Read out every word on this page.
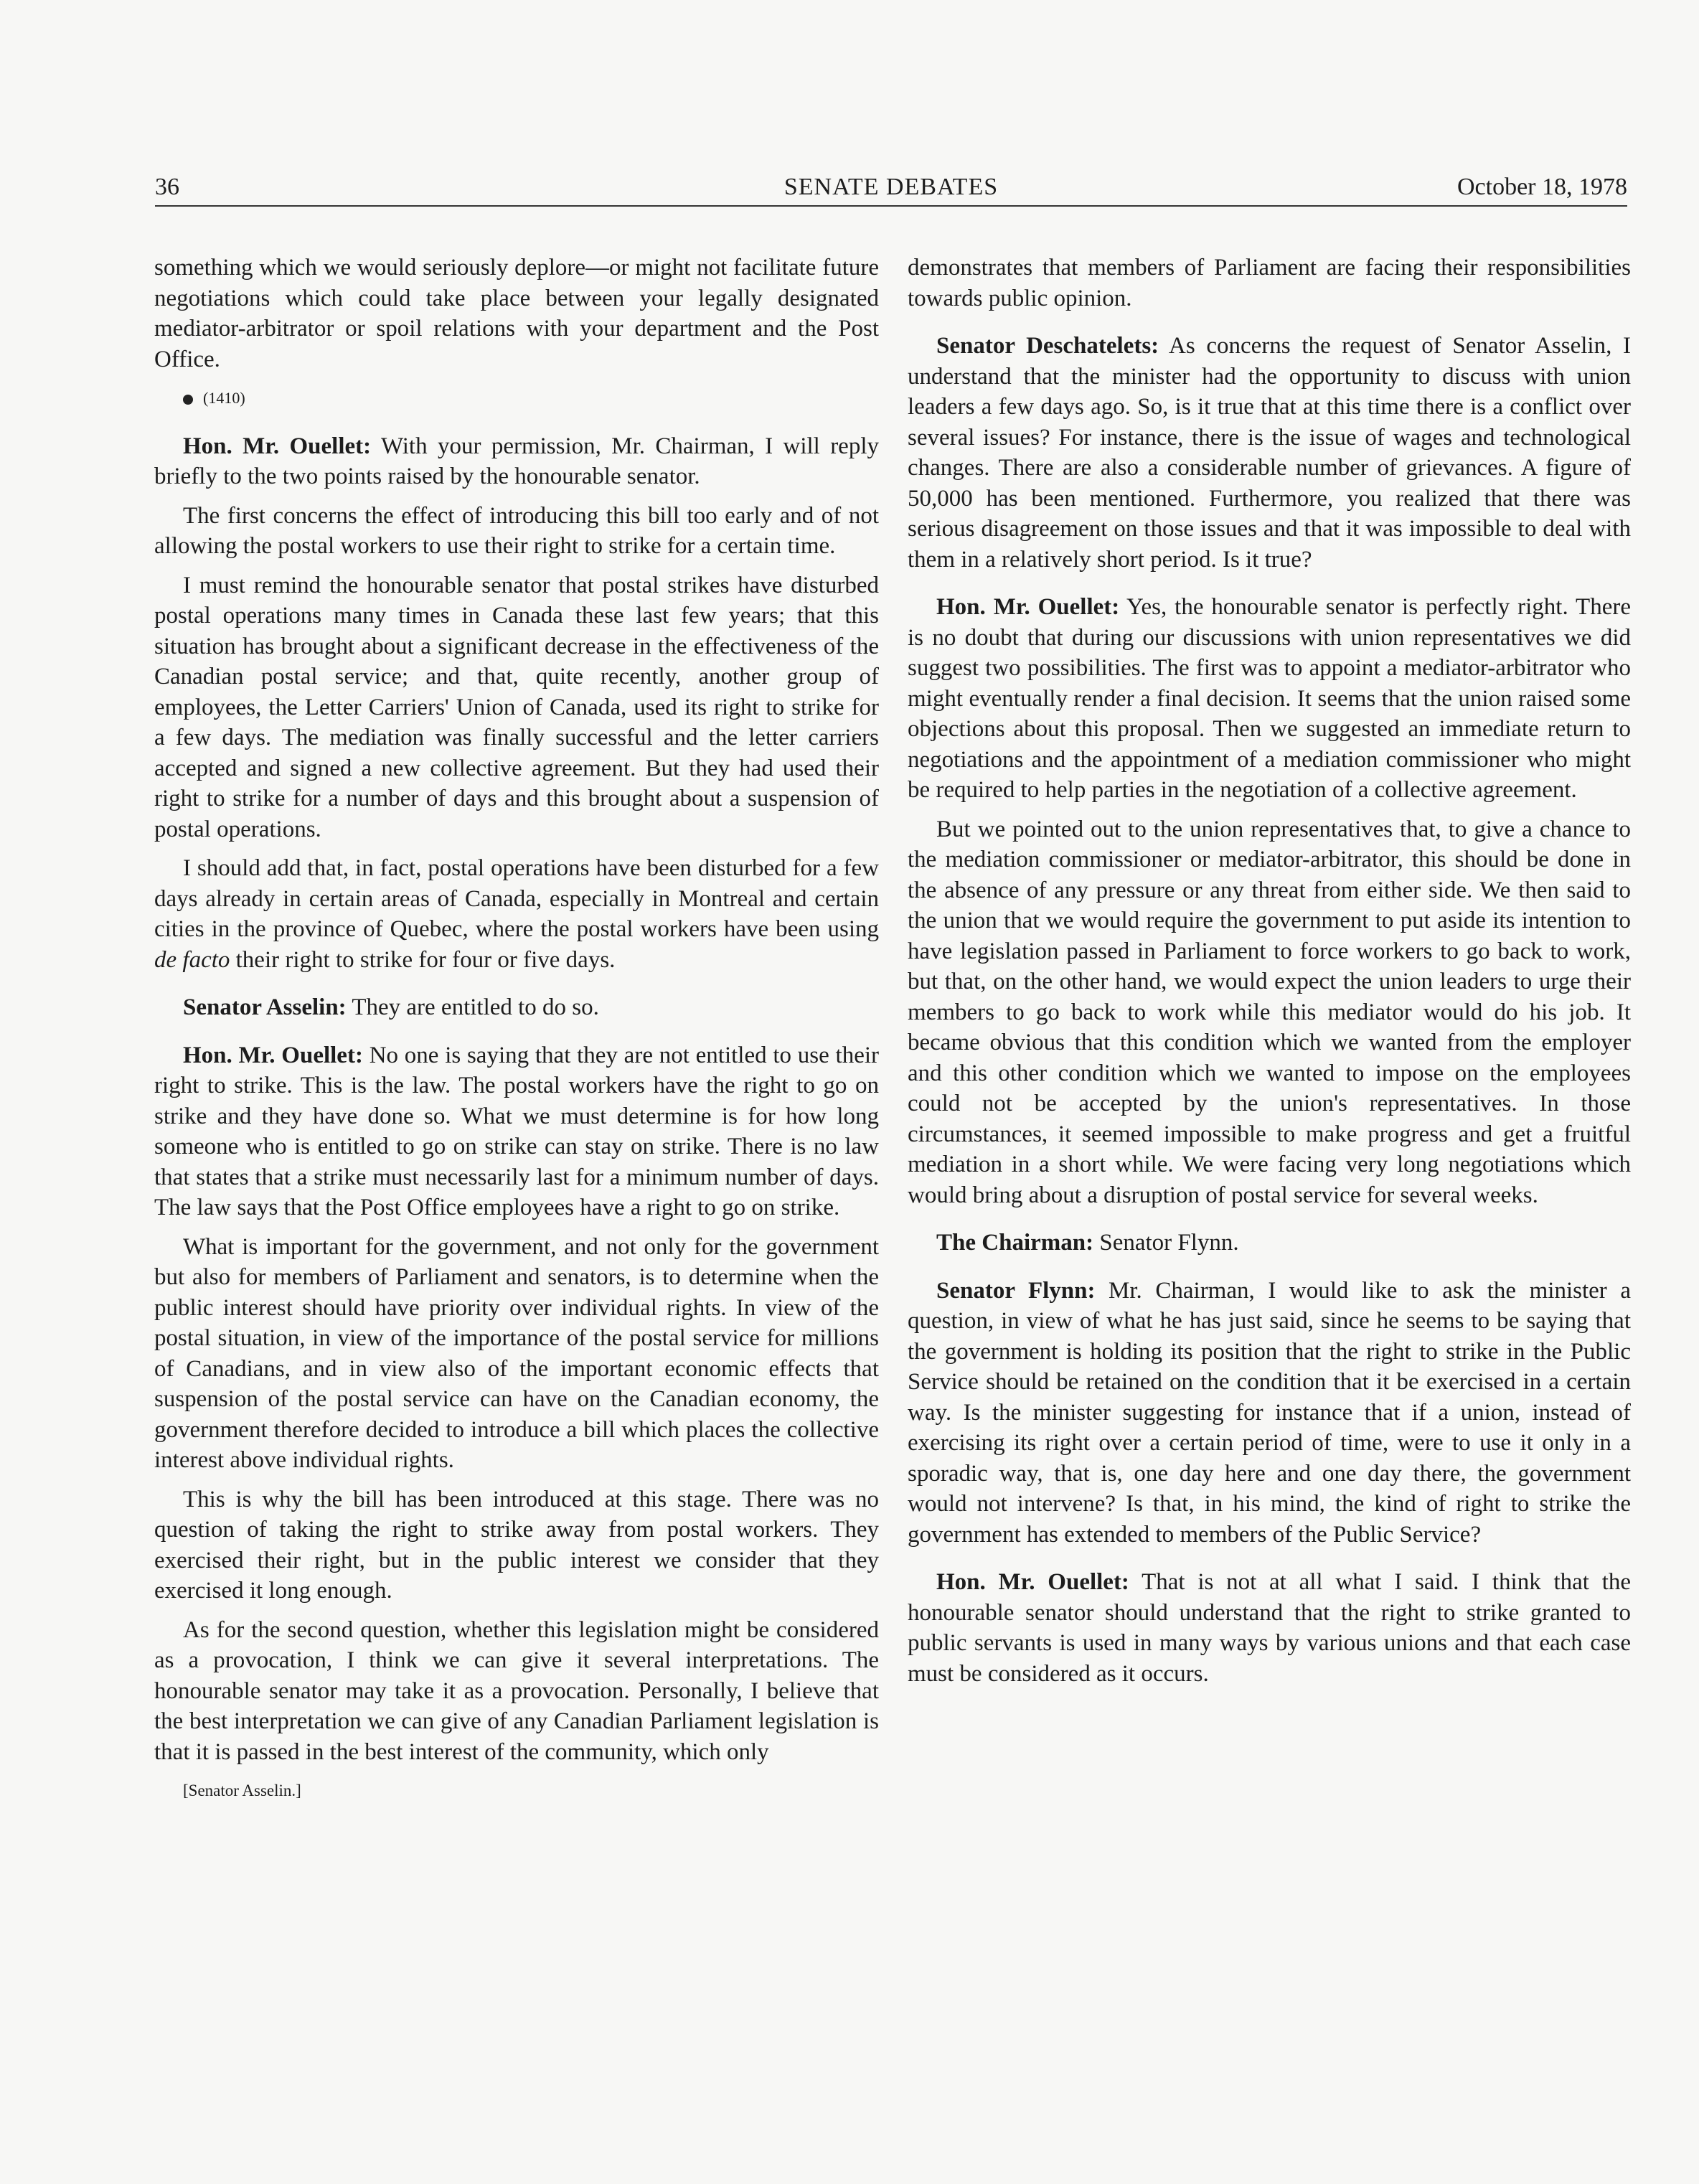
36	SENATE DEBATES	October 18, 1978

something which we would seriously deplore—or might not facilitate future negotiations which could take place between your legally designated mediator-arbitrator or spoil relations with your department and the Post Office.

(1410)

Hon. Mr. Ouellet: With your permission, Mr. Chairman, I will reply briefly to the two points raised by the honourable senator.

The first concerns the effect of introducing this bill too early and of not allowing the postal workers to use their right to strike for a certain time.

I must remind the honourable senator that postal strikes have disturbed postal operations many times in Canada these last few years; that this situation has brought about a significant decrease in the effectiveness of the Canadian postal service; and that, quite recently, another group of employees, the Letter Carriers' Union of Canada, used its right to strike for a few days. The mediation was finally successful and the letter carriers accepted and signed a new collective agreement. But they had used their right to strike for a number of days and this brought about a suspension of postal operations.

I should add that, in fact, postal operations have been disturbed for a few days already in certain areas of Canada, especially in Montreal and certain cities in the province of Quebec, where the postal workers have been using de facto their right to strike for four or five days.

Senator Asselin: They are entitled to do so.

Hon. Mr. Ouellet: No one is saying that they are not entitled to use their right to strike. This is the law. The postal workers have the right to go on strike and they have done so. What we must determine is for how long someone who is entitled to go on strike can stay on strike. There is no law that states that a strike must necessarily last for a minimum number of days. The law says that the Post Office employees have a right to go on strike.

What is important for the government, and not only for the government but also for members of Parliament and senators, is to determine when the public interest should have priority over individual rights. In view of the postal situation, in view of the importance of the postal service for millions of Canadians, and in view also of the important economic effects that suspension of the postal service can have on the Canadian economy, the government therefore decided to introduce a bill which places the collective interest above individual rights.

This is why the bill has been introduced at this stage. There was no question of taking the right to strike away from postal workers. They exercised their right, but in the public interest we consider that they exercised it long enough.

As for the second question, whether this legislation might be considered as a provocation, I think we can give it several interpretations. The honourable senator may take it as a provocation. Personally, I believe that the best interpretation we can give of any Canadian Parliament legislation is that it is passed in the best interest of the community, which only

[Senator Asselin.]

demonstrates that members of Parliament are facing their responsibilities towards public opinion.

Senator Deschatelets: As concerns the request of Senator Asselin, I understand that the minister had the opportunity to discuss with union leaders a few days ago. So, is it true that at this time there is a conflict over several issues? For instance, there is the issue of wages and technological changes. There are also a considerable number of grievances. A figure of 50,000 has been mentioned. Furthermore, you realized that there was serious disagreement on those issues and that it was impossible to deal with them in a relatively short period. Is it true?

Hon. Mr. Ouellet: Yes, the honourable senator is perfectly right. There is no doubt that during our discussions with union representatives we did suggest two possibilities. The first was to appoint a mediator-arbitrator who might eventually render a final decision. It seems that the union raised some objections about this proposal. Then we suggested an immediate return to negotiations and the appointment of a mediation commissioner who might be required to help parties in the negotiation of a collective agreement.

But we pointed out to the union representatives that, to give a chance to the mediation commissioner or mediator-arbitrator, this should be done in the absence of any pressure or any threat from either side. We then said to the union that we would require the government to put aside its intention to have legislation passed in Parliament to force workers to go back to work, but that, on the other hand, we would expect the union leaders to urge their members to go back to work while this mediator would do his job. It became obvious that this condition which we wanted from the employer and this other condition which we wanted to impose on the employees could not be accepted by the union's representatives. In those circumstances, it seemed impossible to make progress and get a fruitful mediation in a short while. We were facing very long negotiations which would bring about a disruption of postal service for several weeks.

The Chairman: Senator Flynn.

Senator Flynn: Mr. Chairman, I would like to ask the minister a question, in view of what he has just said, since he seems to be saying that the government is holding its position that the right to strike in the Public Service should be retained on the condition that it be exercised in a certain way. Is the minister suggesting for instance that if a union, instead of exercising its right over a certain period of time, were to use it only in a sporadic way, that is, one day here and one day there, the government would not intervene? Is that, in his mind, the kind of right to strike the government has extended to members of the Public Service?

Hon. Mr. Ouellet: That is not at all what I said. I think that the honourable senator should understand that the right to strike granted to public servants is used in many ways by various unions and that each case must be considered as it occurs.
